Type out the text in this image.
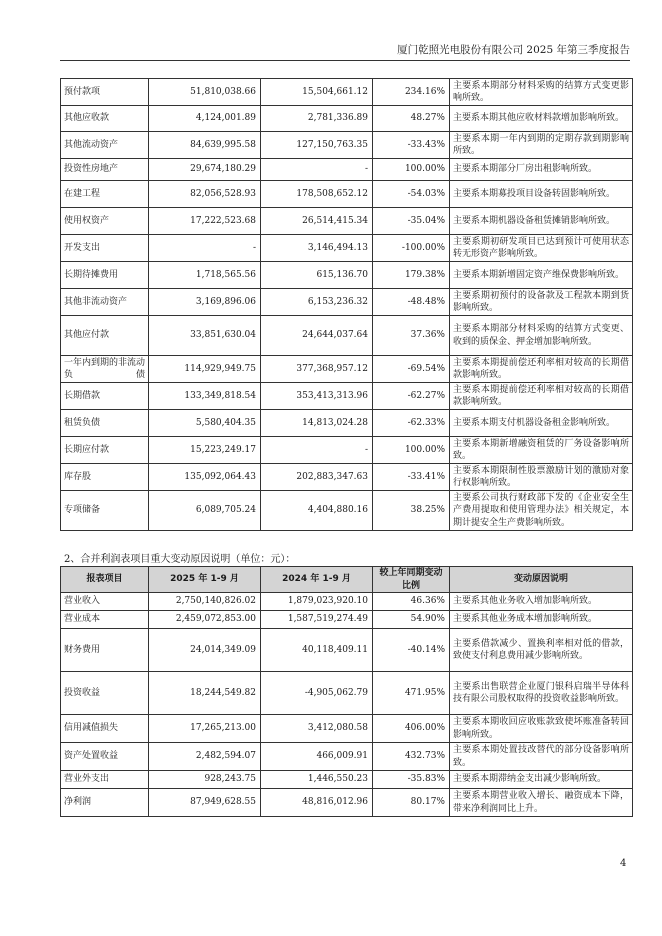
厦门乾照光电股份有限公司 2025 年第三季度报告
预付款项	51,810,038.66	15,504,661.12	234.16%	主要系本期部分材料采购的结算方式变更影响所致。
其他应收款	4,124,001.89	2,781,336.89	48.27%	主要系本期其他应收材料款增加影响所致。
其他流动资产	84,639,995.58	127,150,763.35	-33.43%	主要系本期一年内到期的定期存款到期影响所致。
投资性房地产	29,674,180.29	-	100.00%	主要系本期部分厂房出租影响所致。
在建工程	82,056,528.93	178,508,652.12	-54.03%	主要系本期募投项目设备转固影响所致。
使用权资产	17,222,523.68	26,514,415.34	-35.04%	主要系本期机器设备租赁摊销影响所致。
开发支出	-	3,146,494.13	-100.00%	主要系期初研发项目已达到预计可使用状态转无形资产影响所致。
长期待摊费用	1,718,565.56	615,136.70	179.38%	主要系本期新增固定资产维保费影响所致。
其他非流动资产	3,169,896.06	6,153,236.32	-48.48%	主要系期初预付的设备款及工程款本期到货影响所致。
其他应付款	33,851,630.04	24,644,037.64	37.36%	主要系本期部分材料采购的结算方式变更、收到的质保金、押金增加影响所致。
一年内到期的非流动负债	114,929,949.75	377,368,957.12	-69.54%	主要系本期提前偿还利率相对较高的长期借款影响所致。
长期借款	133,349,818.54	353,413,313.96	-62.27%	主要系本期提前偿还利率相对较高的长期借款影响所致。
租赁负债	5,580,404.35	14,813,024.28	-62.33%	主要系本期支付机器设备租金影响所致。
长期应付款	15,223,249.17	-	100.00%	主要系本期新增融资租赁的厂务设备影响所致。
库存股	135,092,064.43	202,883,347.63	-33.41%	主要系本期限制性股票激励计划的激励对象行权影响所致。
专项储备	6,089,705.24	4,404,880.16	38.25%	主要系公司执行财政部下发的《企业安全生产费用提取和使用管理办法》相关规定，本期计提安全生产费影响所致。
2、合并利润表项目重大变动原因说明（单位：元）：
报表项目	2025 年 1-9 月	2024 年 1-9 月	较上年同期变动比例	变动原因说明
营业收入	2,750,140,826.02	1,879,023,920.10	46.36%	主要系其他业务收入增加影响所致。
营业成本	2,459,072,853.00	1,587,519,274.49	54.90%	主要系其他业务成本增加影响所致。
财务费用	24,014,349.09	40,118,409.11	-40.14%	主要系借款减少、置换利率相对低的借款，致使支付利息费用减少影响所致。
投资收益	18,244,549.82	-4,905,062.79	471.95%	主要系出售联营企业厦门银科启瑞半导体科技有限公司股权取得的投资收益影响所致。
信用减值损失	17,265,213.00	3,412,080.58	406.00%	主要系本期收回应收账款致使坏账准备转回影响所致。
资产处置收益	2,482,594.07	466,009.91	432.73%	主要系本期处置技改替代的部分设备影响所致。
营业外支出	928,243.75	1,446,550.23	-35.83%	主要系本期滞纳金支出减少影响所致。
净利润	87,949,628.55	48,816,012.96	80.17%	主要系本期营业收入增长、融资成本下降，带来净利润同比上升。
4
